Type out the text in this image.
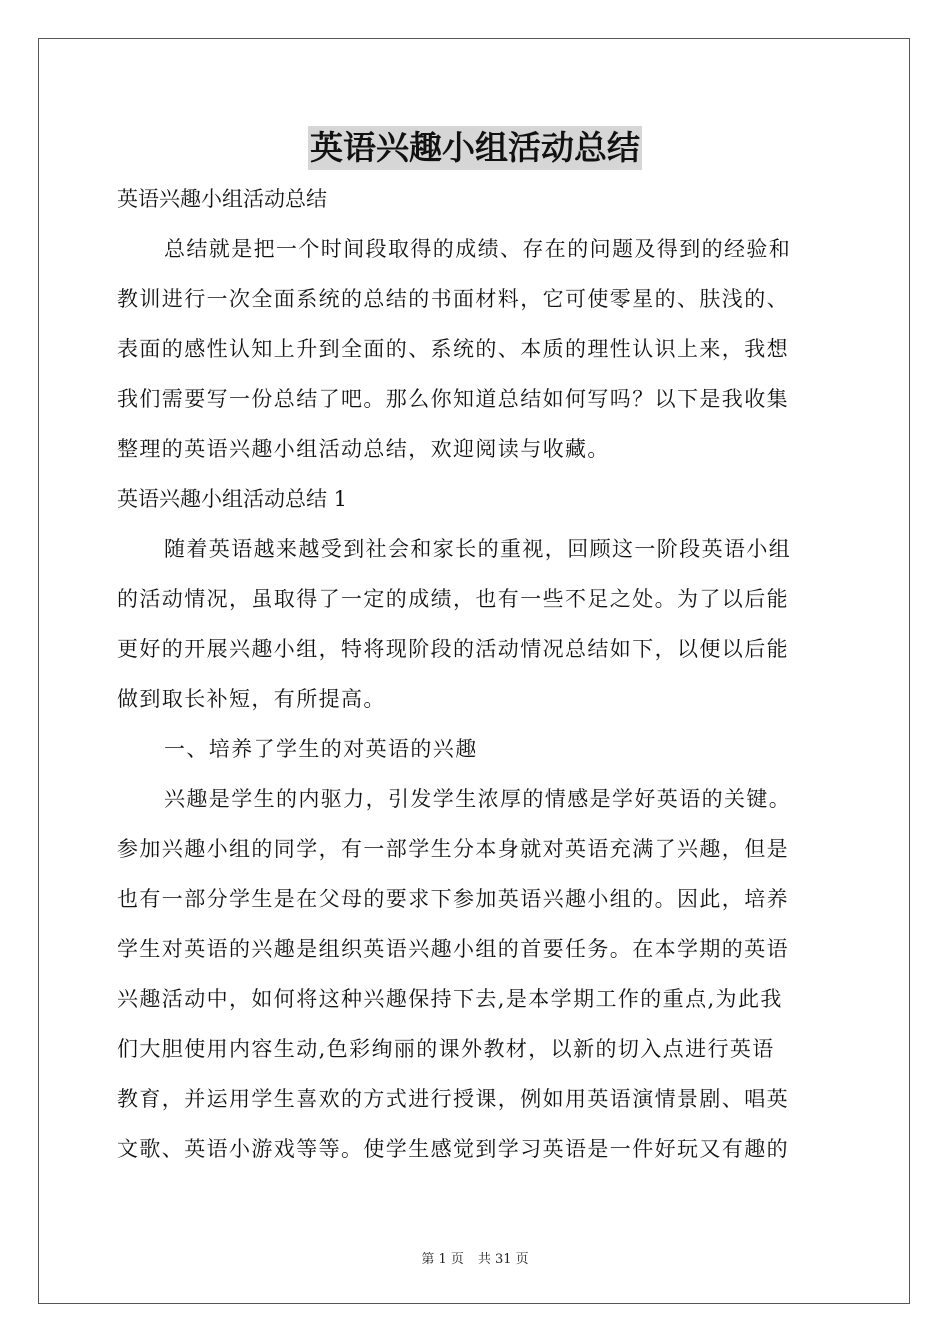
英语兴趣小组活动总结
英语兴趣小组活动总结
总结就是把一个时间段取得的成绩、存在的问题及得到的经验和
教训进行一次全面系统的总结的书面材料，它可使零星的、肤浅的、
表面的感性认知上升到全面的、系统的、本质的理性认识上来，我想
我们需要写一份总结了吧。那么你知道总结如何写吗？以下是我收集
整理的英语兴趣小组活动总结，欢迎阅读与收藏。
英语兴趣小组活动总结 1
随着英语越来越受到社会和家长的重视，回顾这一阶段英语小组
的活动情况，虽取得了一定的成绩，也有一些不足之处。为了以后能
更好的开展兴趣小组，特将现阶段的活动情况总结如下，以便以后能
做到取长补短，有所提高。
一、培养了学生的对英语的兴趣
兴趣是学生的内驱力，引发学生浓厚的情感是学好英语的关键。
参加兴趣小组的同学，有一部学生分本身就对英语充满了兴趣，但是
也有一部分学生是在父母的要求下参加英语兴趣小组的。因此，培养
学生对英语的兴趣是组织英语兴趣小组的首要任务。在本学期的英语
兴趣活动中，如何将这种兴趣保持下去,是本学期工作的重点,为此我
们大胆使用内容生动,色彩绚丽的课外教材，以新的切入点进行英语
教育，并运用学生喜欢的方式进行授课，例如用英语演情景剧、唱英
文歌、英语小游戏等等。使学生感觉到学习英语是一件好玩又有趣的
第 1 页 共 31 页
